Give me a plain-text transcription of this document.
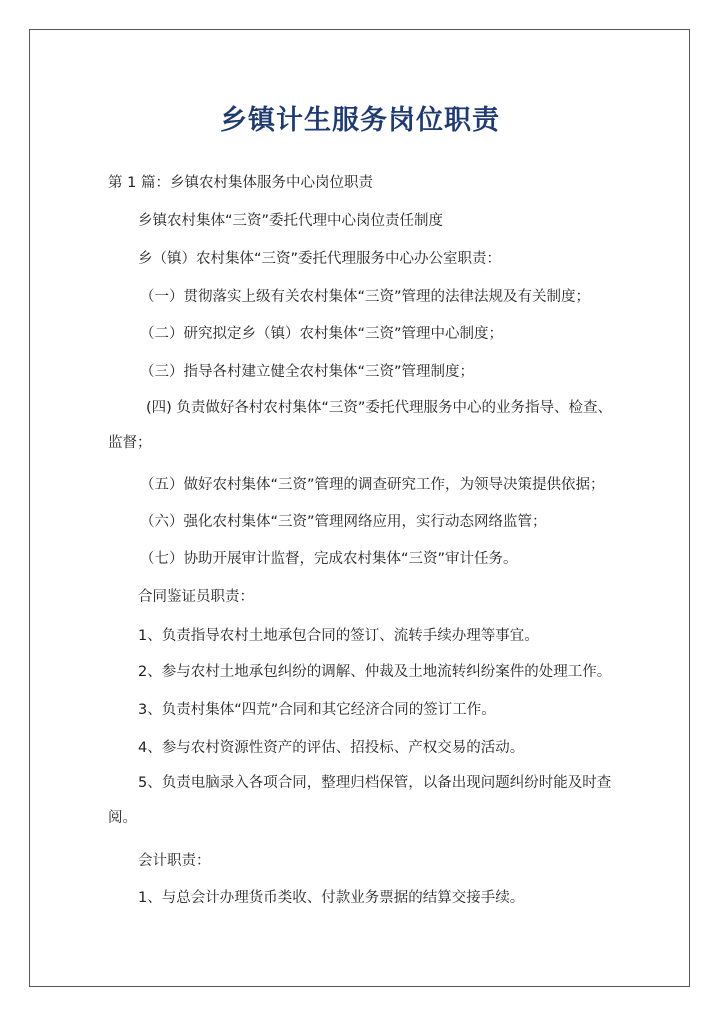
乡镇计生服务岗位职责
第 1 篇：乡镇农村集体服务中心岗位职责
乡镇农村集体“三资”委托代理中心岗位责任制度
乡（镇）农村集体“三资”委托代理服务中心办公室职责：
（一）贯彻落实上级有关农村集体“三资”管理的法律法规及有关制度；
（二）研究拟定乡（镇）农村集体“三资”管理中心制度；
（三）指导各村建立健全农村集体“三资”管理制度；
(四) 负责做好各村农村集体“三资”委托代理服务中心的业务指导、检查、监督；
（五）做好农村集体“三资”管理的调查研究工作，为领导决策提供依据；
（六）强化农村集体“三资”管理网络应用，实行动态网络监管；
（七）协助开展审计监督，完成农村集体“三资”审计任务。
合同鉴证员职责：
1、负责指导农村土地承包合同的签订、流转手续办理等事宜。
2、参与农村土地承包纠纷的调解、仲裁及土地流转纠纷案件的处理工作。
3、负责村集体“四荒”合同和其它经济合同的签订工作。
4、参与农村资源性资产的评估、招投标、产权交易的活动。
5、负责电脑录入各项合同，整理归档保管，以备出现问题纠纷时能及时查阅。
会计职责：
1、与总会计办理货币类收、付款业务票据的结算交接手续。
